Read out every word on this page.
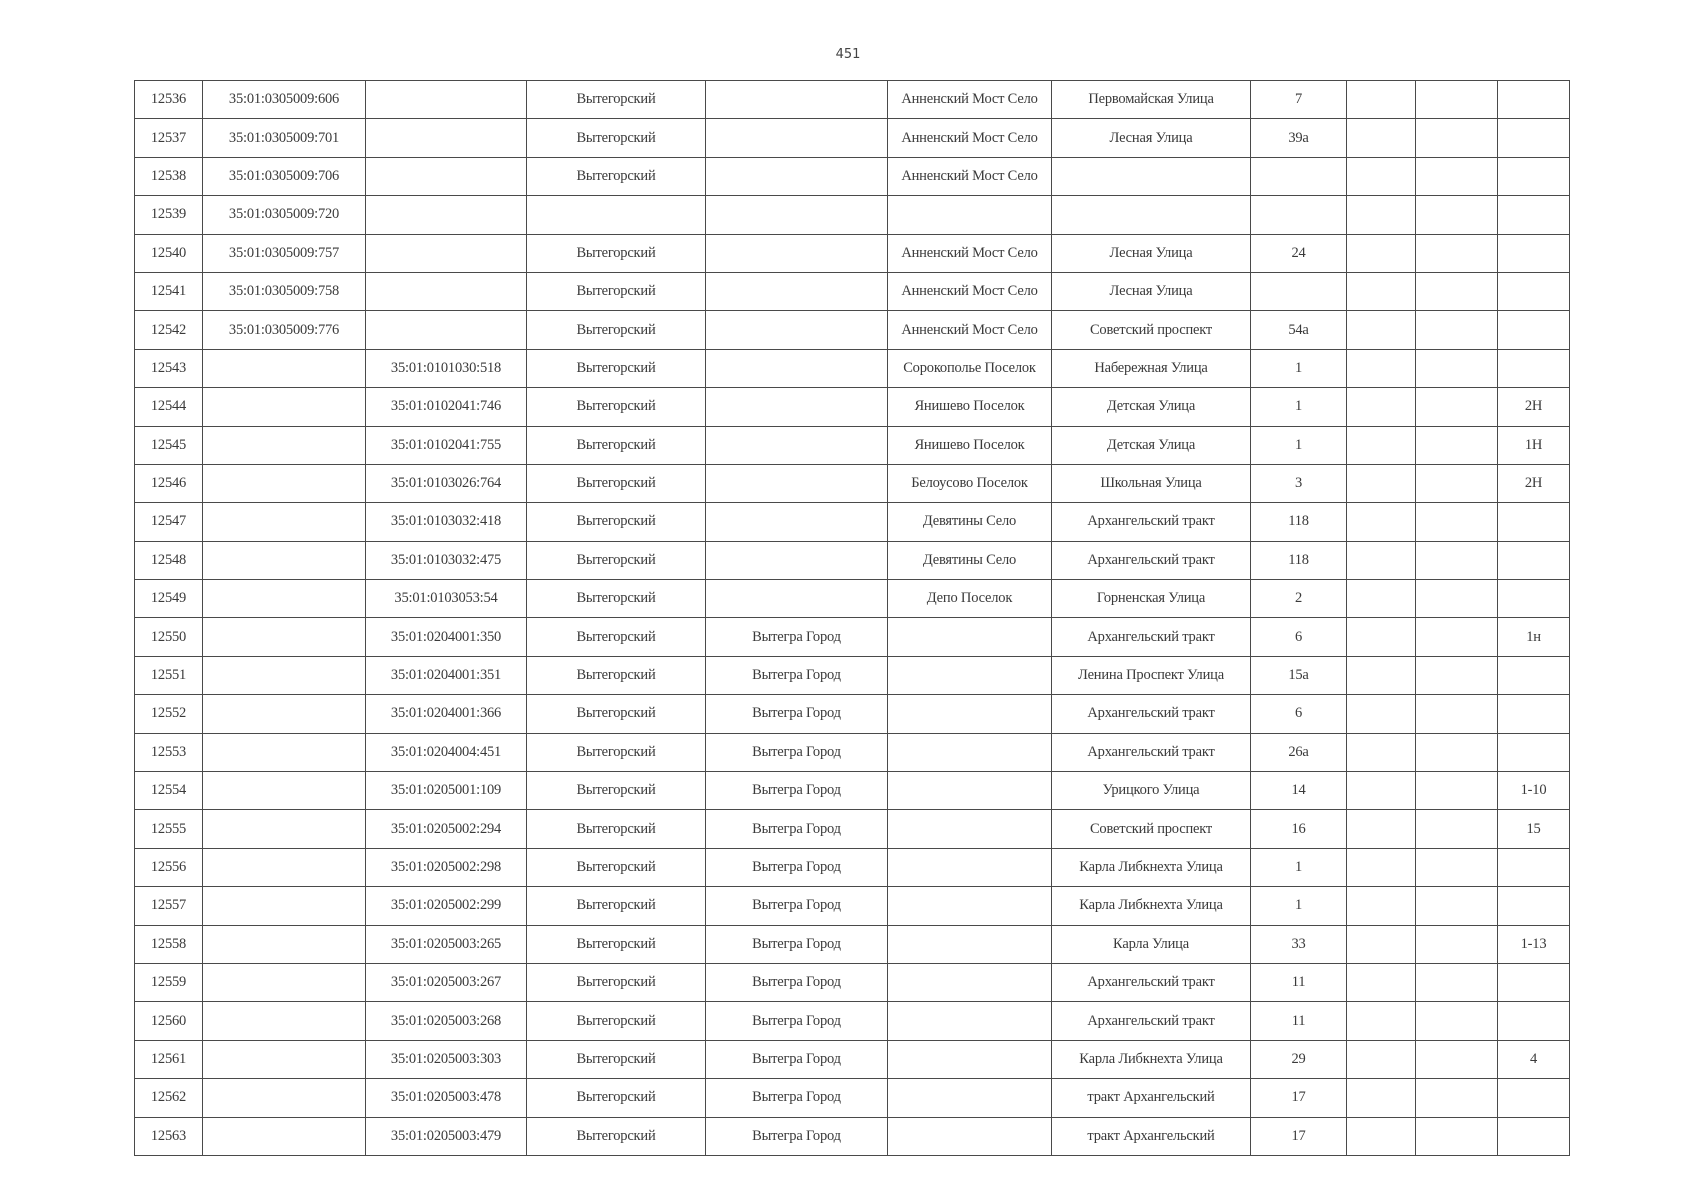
451
12536	35:01:0305009:606		Вытегорский		Анненский Мост Село	Первомайская Улица	7			
12537	35:01:0305009:701		Вытегорский		Анненский Мост Село	Лесная Улица	39а			
12538	35:01:0305009:706		Вытегорский		Анненский Мост Село					
12539	35:01:0305009:720									
12540	35:01:0305009:757		Вытегорский		Анненский Мост Село	Лесная Улица	24			
12541	35:01:0305009:758		Вытегорский		Анненский Мост Село	Лесная Улица				
12542	35:01:0305009:776		Вытегорский		Анненский Мост Село	Советский проспект	54а			
12543		35:01:0101030:518	Вытегорский		Сорокополье Поселок	Набережная Улица	1			
12544		35:01:0102041:746	Вытегорский		Янишево Поселок	Детская Улица	1			2Н
12545		35:01:0102041:755	Вытегорский		Янишево Поселок	Детская Улица	1			1Н
12546		35:01:0103026:764	Вытегорский		Белоусово Поселок	Школьная Улица	3			2Н
12547		35:01:0103032:418	Вытегорский		Девятины Село	Архангельский тракт	118			
12548		35:01:0103032:475	Вытегорский		Девятины Село	Архангельский тракт	118			
12549		35:01:0103053:54	Вытегорский		Депо Поселок	Горненская Улица	2			
12550		35:01:0204001:350	Вытегорский	Вытегра Город		Архангельский тракт	6			1н
12551		35:01:0204001:351	Вытегорский	Вытегра Город		Ленина Проспект Улица	15а			
12552		35:01:0204001:366	Вытегорский	Вытегра Город		Архангельский тракт	6			
12553		35:01:0204004:451	Вытегорский	Вытегра Город		Архангельский тракт	26а			
12554		35:01:0205001:109	Вытегорский	Вытегра Город		Урицкого Улица	14			1-10
12555		35:01:0205002:294	Вытегорский	Вытегра Город		Советский проспект	16			15
12556		35:01:0205002:298	Вытегорский	Вытегра Город		Карла Либкнехта Улица	1			
12557		35:01:0205002:299	Вытегорский	Вытегра Город		Карла Либкнехта Улица	1			
12558		35:01:0205003:265	Вытегорский	Вытегра Город		Карла Улица	33			1-13
12559		35:01:0205003:267	Вытегорский	Вытегра Город		Архангельский тракт	11			
12560		35:01:0205003:268	Вытегорский	Вытегра Город		Архангельский тракт	11			
12561		35:01:0205003:303	Вытегорский	Вытегра Город		Карла Либкнехта Улица	29			4
12562		35:01:0205003:478	Вытегорский	Вытегра Город		тракт Архангельский	17			
12563		35:01:0205003:479	Вытегорский	Вытегра Город		тракт Архангельский	17			
